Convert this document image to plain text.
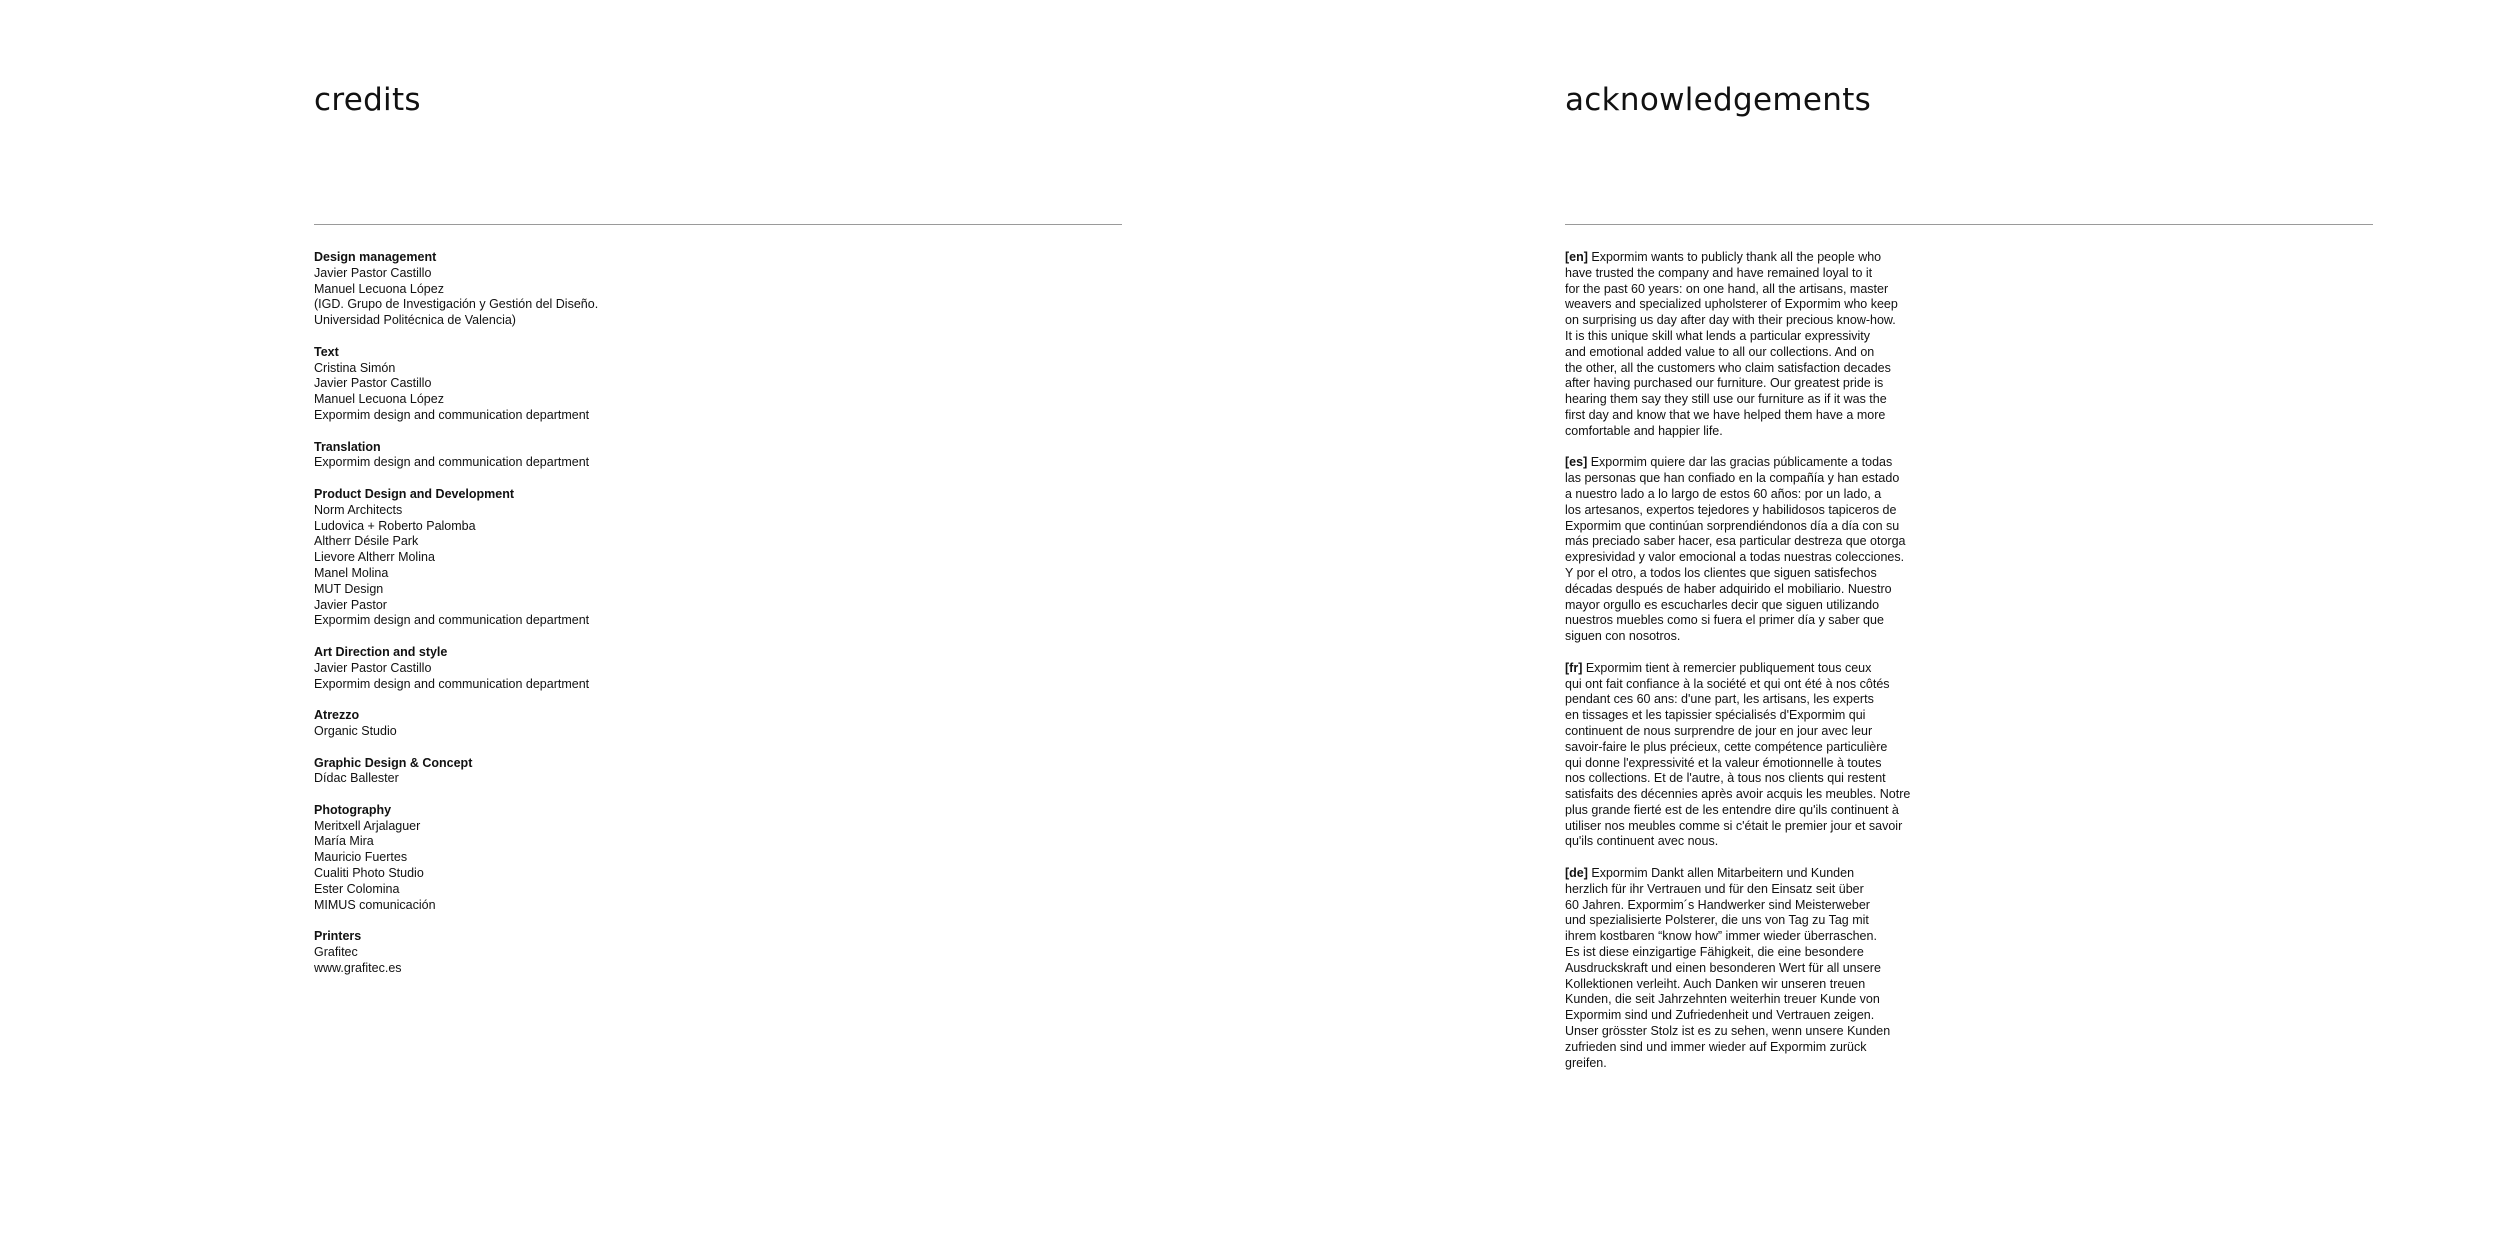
credits
Design management
Javier Pastor Castillo
Manuel Lecuona López
(IGD. Grupo de Investigación y Gestión del Diseño.
Universidad Politécnica de Valencia)
Text
Cristina Simón
Javier Pastor Castillo
Manuel Lecuona López
Expormim design and communication department
Translation
Expormim design and communication department
Product Design and Development
Norm Architects
Ludovica + Roberto Palomba
Altherr Désile Park
Lievore Altherr Molina
Manel Molina
MUT Design
Javier Pastor
Expormim design and communication department
Art Direction and style
Javier Pastor Castillo
Expormim design and communication department
Atrezzo
Organic Studio
Graphic Design & Concept
Dídac Ballester
Photography
Meritxell Arjalaguer
María Mira
Mauricio Fuertes
Cualiti Photo Studio
Ester Colomina
MIMUS comunicación
Printers
Grafitec
www.grafitec.es
acknowledgements
[en] Expormim wants to publicly thank all the people who
have trusted the company and have remained loyal to it
for the past 60 years: on one hand, all the artisans, master
weavers and specialized upholsterer of Expormim who keep
on surprising us day after day with their precious know-how.
It is this unique skill what lends a particular expressivity
and emotional added value to all our collections. And on
the other, all the customers who claim satisfaction decades
after having purchased our furniture. Our greatest pride is
hearing them say they still use our furniture as if it was the
first day and know that we have helped them have a more
comfortable and happier life.
[es] Expormim quiere dar las gracias públicamente a todas
las personas que han confiado en la compañía y han estado
a nuestro lado a lo largo de estos 60 años: por un lado, a
los artesanos, expertos tejedores y habilidosos tapiceros de
Expormim que continúan sorprendiéndonos día a día con su
más preciado saber hacer, esa particular destreza que otorga
expresividad y valor emocional a todas nuestras colecciones.
Y por el otro, a todos los clientes que siguen satisfechos
décadas después de haber adquirido el mobiliario. Nuestro
mayor orgullo es escucharles decir que siguen utilizando
nuestros muebles como si fuera el primer día y saber que
siguen con nosotros.
[fr] Expormim tient à remercier publiquement tous ceux
qui ont fait confiance à la société et qui ont été à nos côtés
pendant ces 60 ans: d'une part, les artisans, les experts
en tissages et les tapissier spécialisés d'Expormim qui
continuent de nous surprendre de jour en jour avec leur
savoir-faire le plus précieux, cette compétence particulière
qui donne l'expressivité et la valeur émotionnelle à toutes
nos collections. Et de l'autre, à tous nos clients qui restent
satisfaits des décennies après avoir acquis les meubles. Notre
plus grande fierté est de les entendre dire qu'ils continuent à
utiliser nos meubles comme si c'était le premier jour et savoir
qu'ils continuent avec nous.
[de] Expormim Dankt allen Mitarbeitern und Kunden
herzlich für ihr Vertrauen und für den Einsatz seit über
60 Jahren. Expormim´s Handwerker sind Meisterweber
und spezialisierte Polsterer, die uns von Tag zu Tag mit
ihrem kostbaren “know how” immer wieder überraschen.
Es ist diese einzigartige Fähigkeit, die eine besondere
Ausdruckskraft und einen besonderen Wert für all unsere
Kollektionen verleiht. Auch Danken wir unseren treuen
Kunden, die seit Jahrzehnten weiterhin treuer Kunde von
Expormim sind und Zufriedenheit und Vertrauen zeigen.
Unser grösster Stolz ist es zu sehen, wenn unsere Kunden
zufrieden sind und immer wieder auf Expormim zurück
greifen.
